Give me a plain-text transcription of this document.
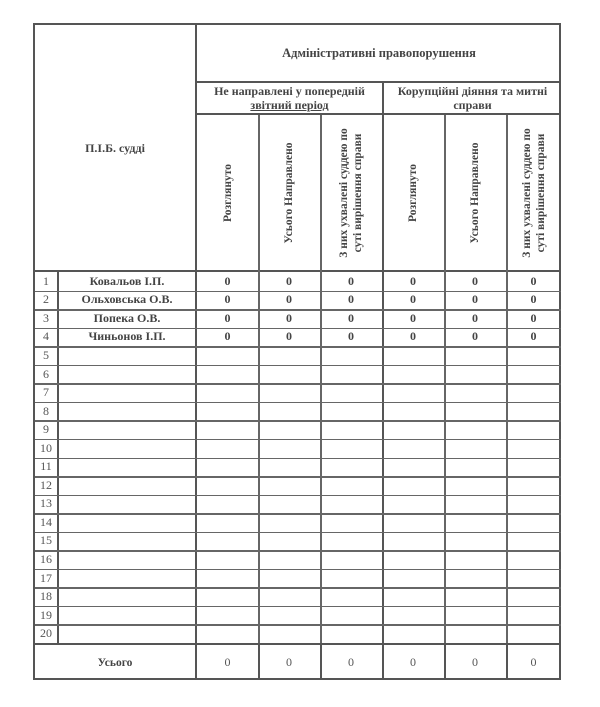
П.І.Б. судді
Адміністративні правопорушення
Не направлені у попередній
звітний період
Корупційні діяння та митні
справи
Розглянуто	Усього Направлено	З них ухвалені суддею по суті вирішення справи	Розглянуто	Усього Направлено	З них ухвалені суддею по суті вирішення справи
1	Ковальов І.П.	0	0	0	0	0	0
2	Ольховська О.В.	0	0	0	0	0	0
3	Попека О.В.	0	0	0	0	0	0
4	Чиньонов І.П.	0	0	0	0	0	0
5
6
7
8
9
10
11
12
13
14
15
16
17
18
19
20
Усього	0	0	0	0	0	0
